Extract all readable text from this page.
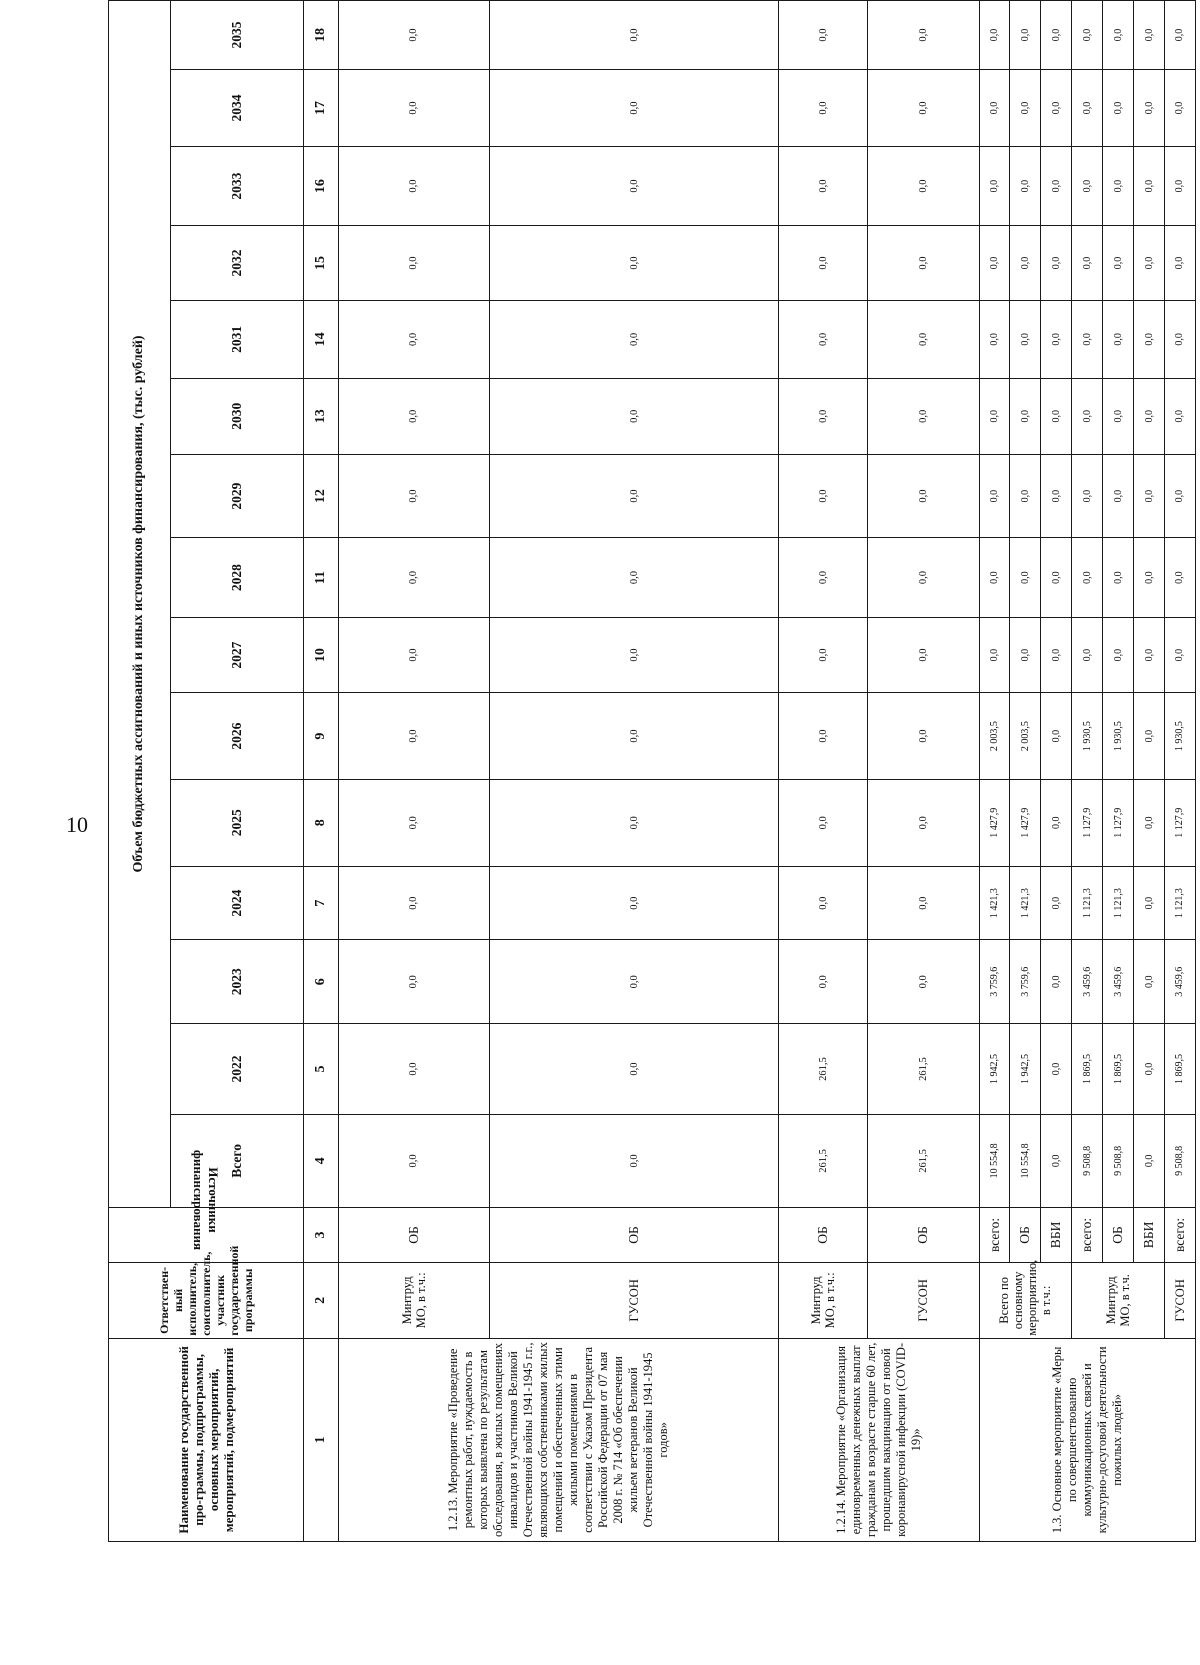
10
Наименование государственной про-граммы, подпрограммы, основных мероприятий, мероприятий, подмероприятий	Ответствен-ный исполнитель, соисполнитель, участник государственной программы	Источники финансирования	Объем бюджетных ассигнований и иных источников финансирования, (тыс. рублей)														
			Всего	2022	2023	2024	2025	2026	2027	2028	2029	2030	2031	2032	2033	2034	2035
1	2	3	4	5	6	7	8	9	10	11	12	13	14	15	16	17	18
1.2.13. Мероприятие «Проведение ремонтных работ, нуждаемость в которых выявлена по результатам обследования, в жилых помещениях инвалидов и участников Великой Отечественной войны 1941-1945 г.г., являющихся собственниками жилых помещений и обеспеченных этими жилыми помещениями в соответствии с Указом Президента Российской Федерации от 07 мая 2008 г. № 714 «Об обеспечении жильем ветеранов Великой Отечественной войны 1941-1945 годов»	Минтруд МО, в т.ч.:	ОБ	0,0	0,0	0,0	0,0	0,0	0,0	0,0	0,0	0,0	0,0	0,0	0,0	0,0	0,0	0,0
	ГУСОН	ОБ	0,0	0,0	0,0	0,0	0,0	0,0	0,0	0,0	0,0	0,0	0,0	0,0	0,0	0,0	0,0
1.2.14. Мероприятие «Организация единовременных денежных выплат гражданам в возрасте старше 60 лет, прошедшим вакцинацию от новой коронавирусной инфекции (COVID-19)»	Минтруд МО, в т.ч.:	ОБ	261,5	261,5	0,0	0,0	0,0	0,0	0,0	0,0	0,0	0,0	0,0	0,0	0,0	0,0	0,0
	ГУСОН	ОБ	261,5	261,5	0,0	0,0	0,0	0,0	0,0	0,0	0,0	0,0	0,0	0,0	0,0	0,0	0,0
1.3. Основное мероприятие «Меры по совершенствованию коммуникационных связей и культурно-досуговой деятельности пожилых людей»	Всего по основному мероприятию, в т.ч.:	всего:	10 554,8	1 942,5	3 759,6	1 421,3	1 427,9	2 003,5	0,0	0,0	0,0	0,0	0,0	0,0	0,0	0,0	0,0
		ОБ	10 554,8	1 942,5	3 759,6	1 421,3	1 427,9	2 003,5	0,0	0,0	0,0	0,0	0,0	0,0	0,0	0,0	0,0
		ВБИ	0,0	0,0	0,0	0,0	0,0	0,0	0,0	0,0	0,0	0,0	0,0	0,0	0,0	0,0	0,0
	Минтруд МО, в т.ч.	всего:	9 508,8	1 869,5	3 459,6	1 121,3	1 127,9	1 930,5	0,0	0,0	0,0	0,0	0,0	0,0	0,0	0,0	0,0
		ОБ	9 508,8	1 869,5	3 459,6	1 121,3	1 127,9	1 930,5	0,0	0,0	0,0	0,0	0,0	0,0	0,0	0,0	0,0
		ВБИ	0,0	0,0	0,0	0,0	0,0	0,0	0,0	0,0	0,0	0,0	0,0	0,0	0,0	0,0	0,0
	ГУСОН	всего:	9 508,8	1 869,5	3 459,6	1 121,3	1 127,9	1 930,5	0,0	0,0	0,0	0,0	0,0	0,0	0,0	0,0	0,0
